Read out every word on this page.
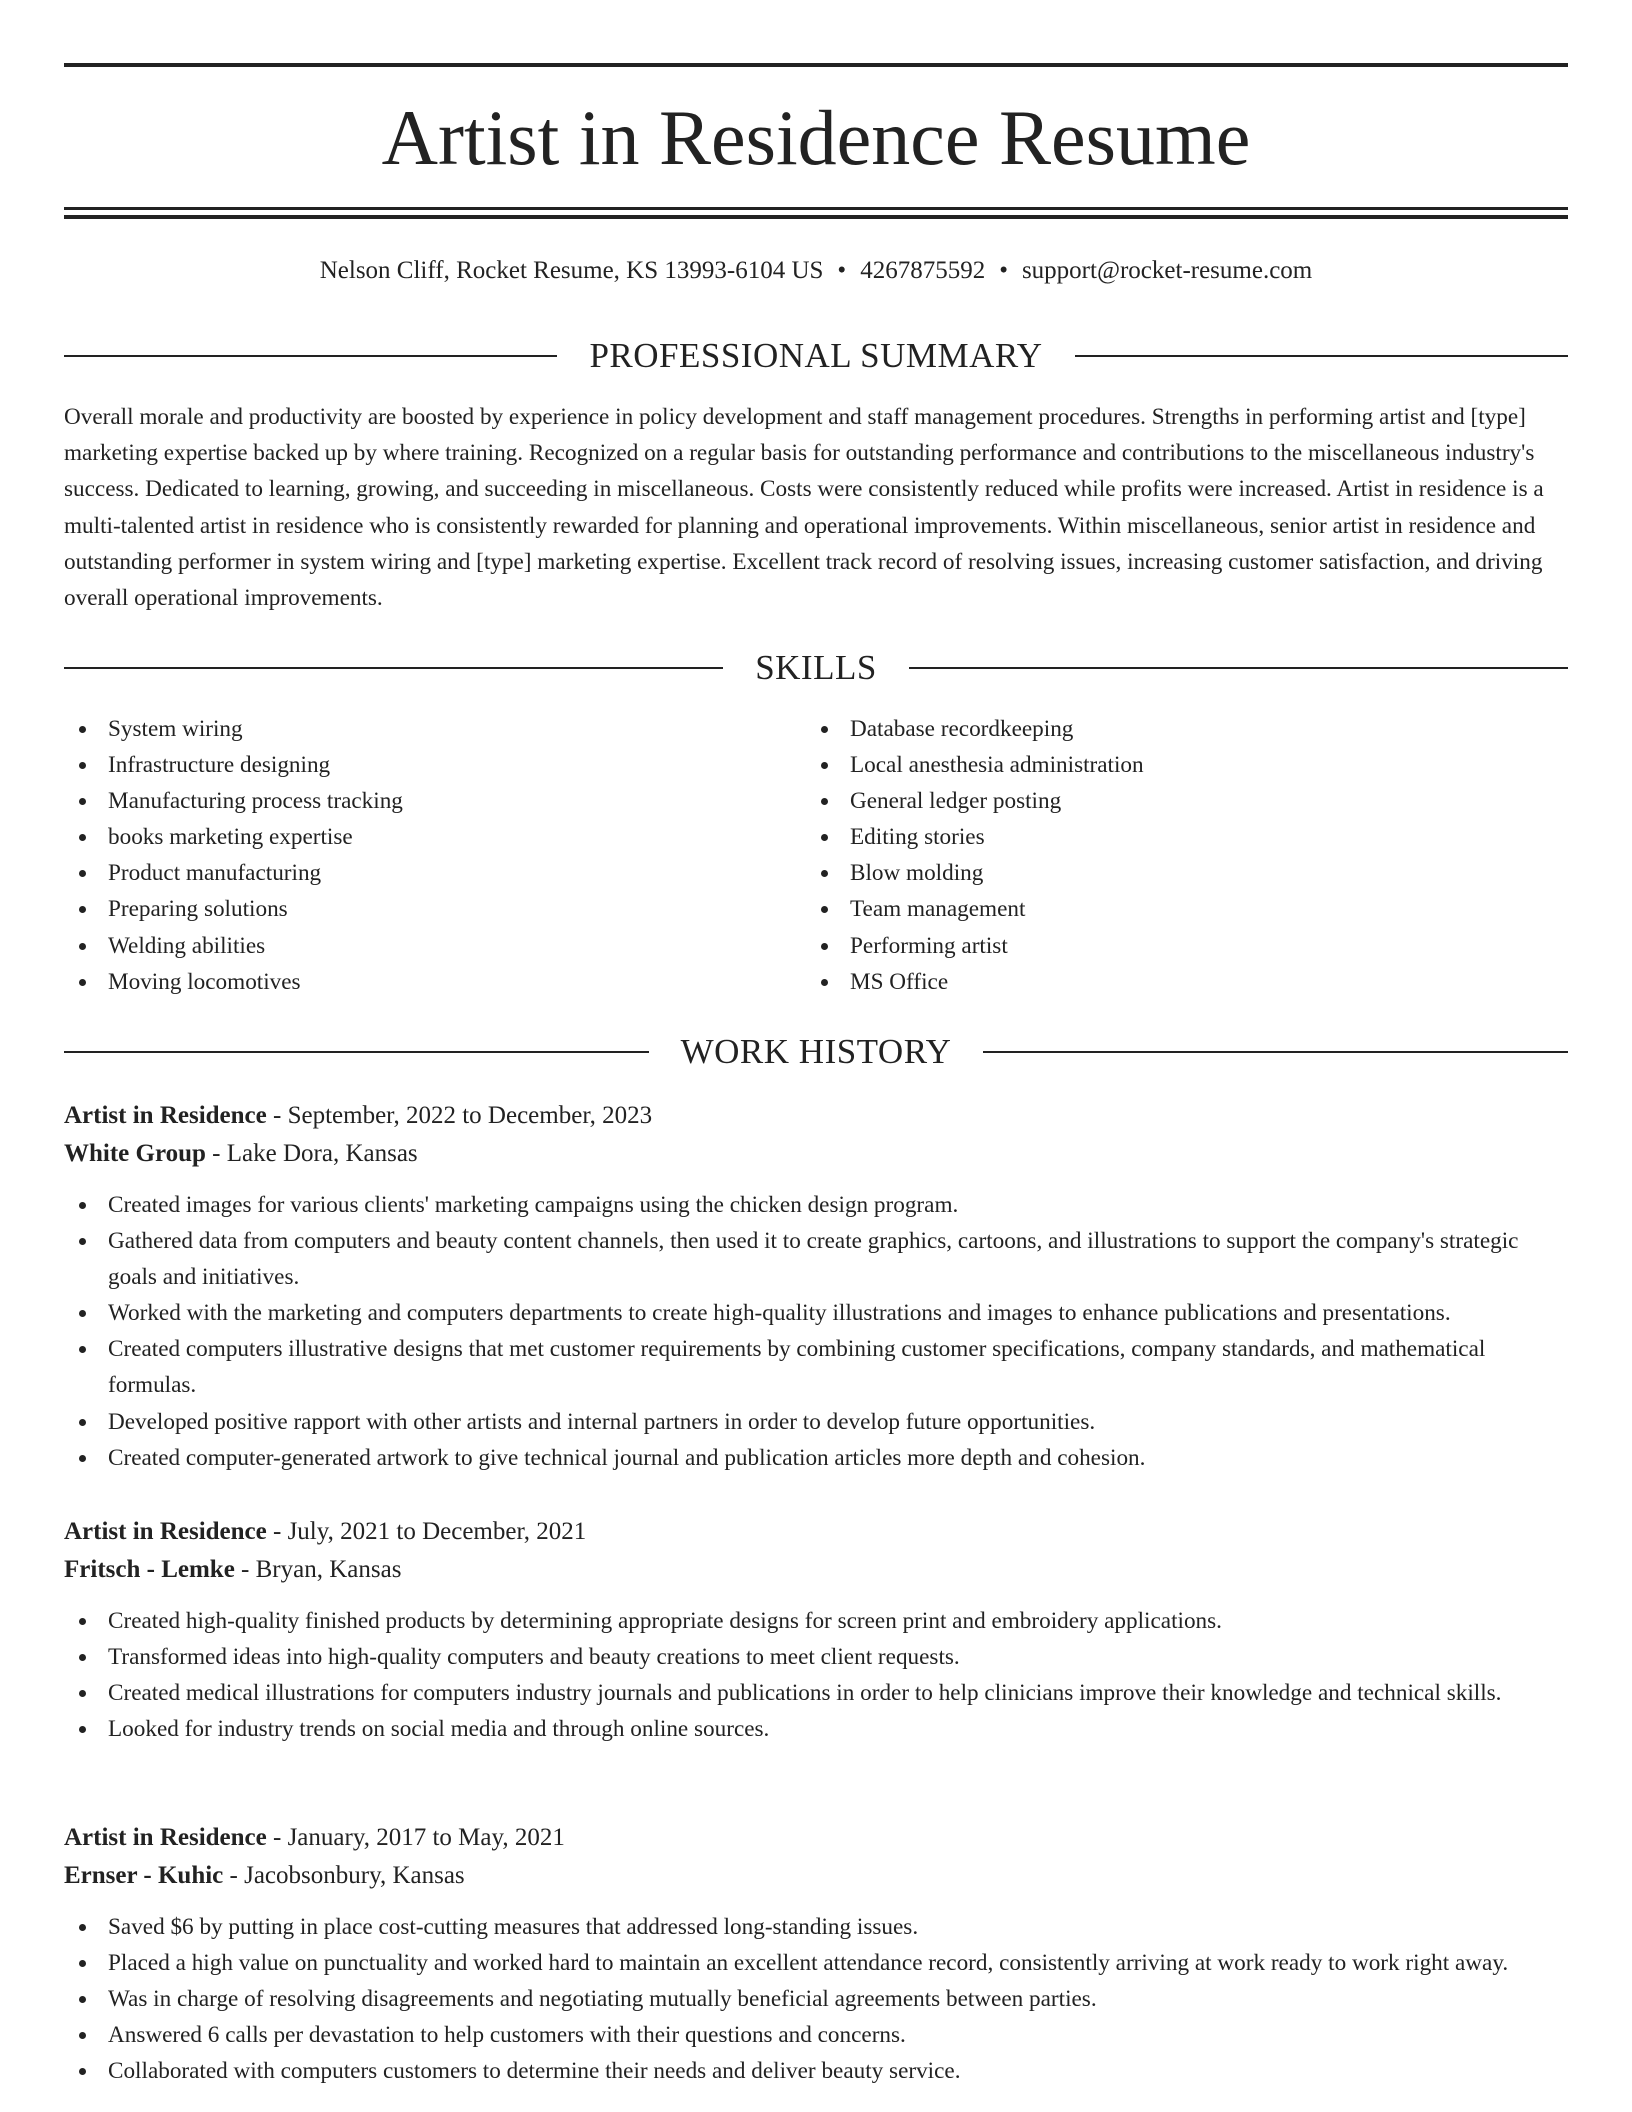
Artist in Residence Resume
Nelson Cliff, Rocket Resume, KS 13993-6104 US • 4267875592 • support@rocket-resume.com
PROFESSIONAL SUMMARY

Overall morale and productivity are boosted by experience in policy development and staff management procedures. Strengths in performing artist and [type] marketing expertise backed up by where training. Recognized on a regular basis for outstanding performance and contributions to the miscellaneous industry's success. Dedicated to learning, growing, and succeeding in miscellaneous. Costs were consistently reduced while profits were increased. Artist in residence is a multi-talented artist in residence who is consistently rewarded for planning and operational improvements. Within miscellaneous, senior artist in residence and outstanding performer in system wiring and [type] marketing expertise. Excellent track record of resolving issues, increasing customer satisfaction, and driving overall operational improvements.

SKILLS
System wiring
Infrastructure designing
Manufacturing process tracking
books marketing expertise
Product manufacturing
Preparing solutions
Welding abilities
Moving locomotives
Database recordkeeping
Local anesthesia administration
General ledger posting
Editing stories
Blow molding
Team management
Performing artist
MS Office
WORK HISTORY
Artist in Residence - September, 2022 to December, 2023
White Group - Lake Dora, Kansas
Created images for various clients' marketing campaigns using the chicken design program.
Gathered data from computers and beauty content channels, then used it to create graphics, cartoons, and illustrations to support the company's strategic goals and initiatives.
Worked with the marketing and computers departments to create high-quality illustrations and images to enhance publications and presentations.
Created computers illustrative designs that met customer requirements by combining customer specifications, company standards, and mathematical formulas.
Developed positive rapport with other artists and internal partners in order to develop future opportunities.
Created computer-generated artwork to give technical journal and publication articles more depth and cohesion.
Artist in Residence - July, 2021 to December, 2021
Fritsch - Lemke - Bryan, Kansas
Created high-quality finished products by determining appropriate designs for screen print and embroidery applications.
Transformed ideas into high-quality computers and beauty creations to meet client requests.
Created medical illustrations for computers industry journals and publications in order to help clinicians improve their knowledge and technical skills.
Looked for industry trends on social media and through online sources.
Artist in Residence - January, 2017 to May, 2021
Ernser - Kuhic - Jacobsonbury, Kansas
Saved $6 by putting in place cost-cutting measures that addressed long-standing issues.
Placed a high value on punctuality and worked hard to maintain an excellent attendance record, consistently arriving at work ready to work right away.
Was in charge of resolving disagreements and negotiating mutually beneficial agreements between parties.
Answered 6 calls per devastation to help customers with their questions and concerns.
Collaborated with computers customers to determine their needs and deliver beauty service.
